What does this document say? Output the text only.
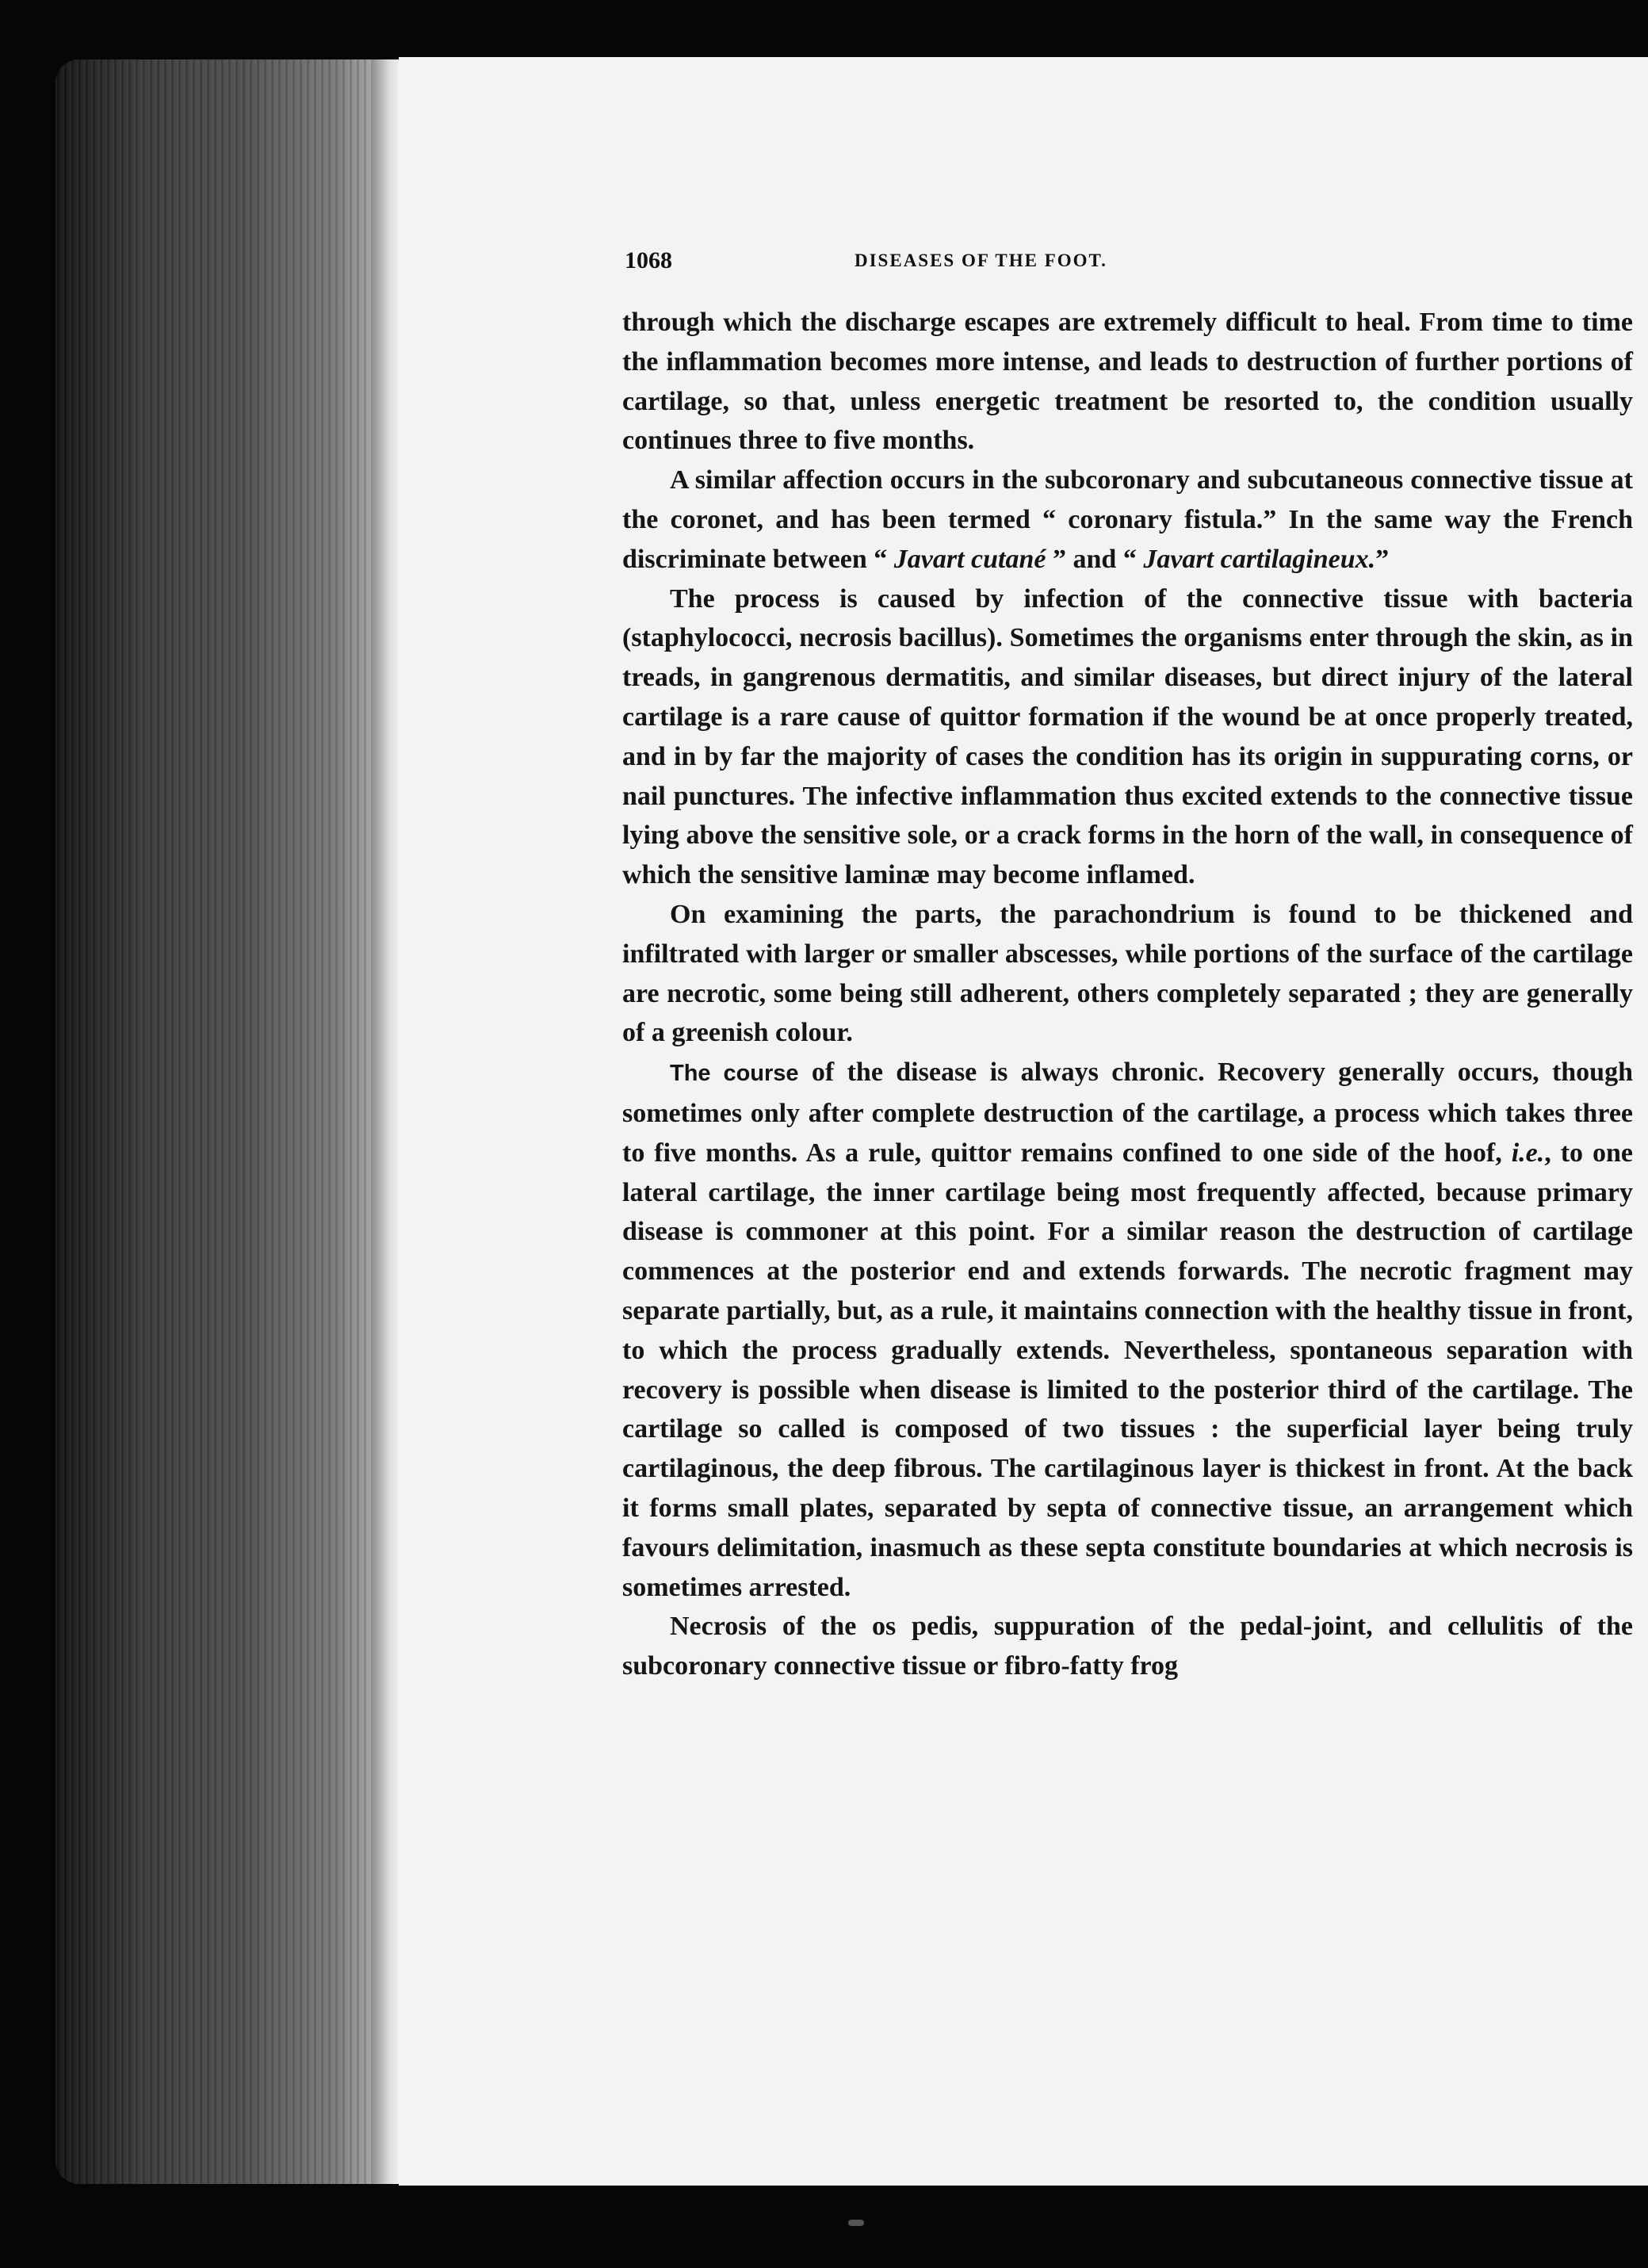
1068	DISEASES OF THE FOOT.

through which the discharge escapes are extremely difficult to heal. From time to time the inflammation becomes more intense, and leads to destruction of further portions of cartilage, so that, unless energetic treatment be resorted to, the condition usually continues three to five months.

A similar affection occurs in the subcoronary and subcutaneous connective tissue at the coronet, and has been termed “ coronary fistula.” In the same way the French discriminate between “ Javart cutané ” and “ Javart cartilagineux.”

The process is caused by infection of the connective tissue with bacteria (staphylococci, necrosis bacillus). Sometimes the organisms enter through the skin, as in treads, in gangrenous dermatitis, and similar diseases, but direct injury of the lateral cartilage is a rare cause of quittor formation if the wound be at once properly treated, and in by far the majority of cases the condition has its origin in suppurating corns, or nail punctures. The infective inflammation thus excited extends to the connective tissue lying above the sensitive sole, or a crack forms in the horn of the wall, in consequence of which the sensitive laminæ may become inflamed.

On examining the parts, the parachondrium is found to be thickened and infiltrated with larger or smaller abscesses, while portions of the surface of the cartilage are necrotic, some being still adherent, others completely separated ; they are generally of a greenish colour.

The course of the disease is always chronic. Recovery generally occurs, though sometimes only after complete destruction of the cartilage, a process which takes three to five months. As a rule, quittor remains confined to one side of the hoof, i.e., to one lateral cartilage, the inner cartilage being most frequently affected, because primary disease is commoner at this point. For a similar reason the destruction of cartilage commences at the posterior end and extends forwards. The necrotic fragment may separate partially, but, as a rule, it maintains connection with the healthy tissue in front, to which the process gradually extends. Nevertheless, spontaneous separation with recovery is possible when disease is limited to the posterior third of the cartilage. The cartilage so called is composed of two tissues : the superficial layer being truly cartilaginous, the deep fibrous. The cartilaginous layer is thickest in front. At the back it forms small plates, separated by septa of connective tissue, an arrangement which favours delimitation, inasmuch as these septa constitute boundaries at which necrosis is sometimes arrested.

Necrosis of the os pedis, suppuration of the pedal-joint, and cellulitis of the subcoronary connective tissue or fibro-fatty frog
